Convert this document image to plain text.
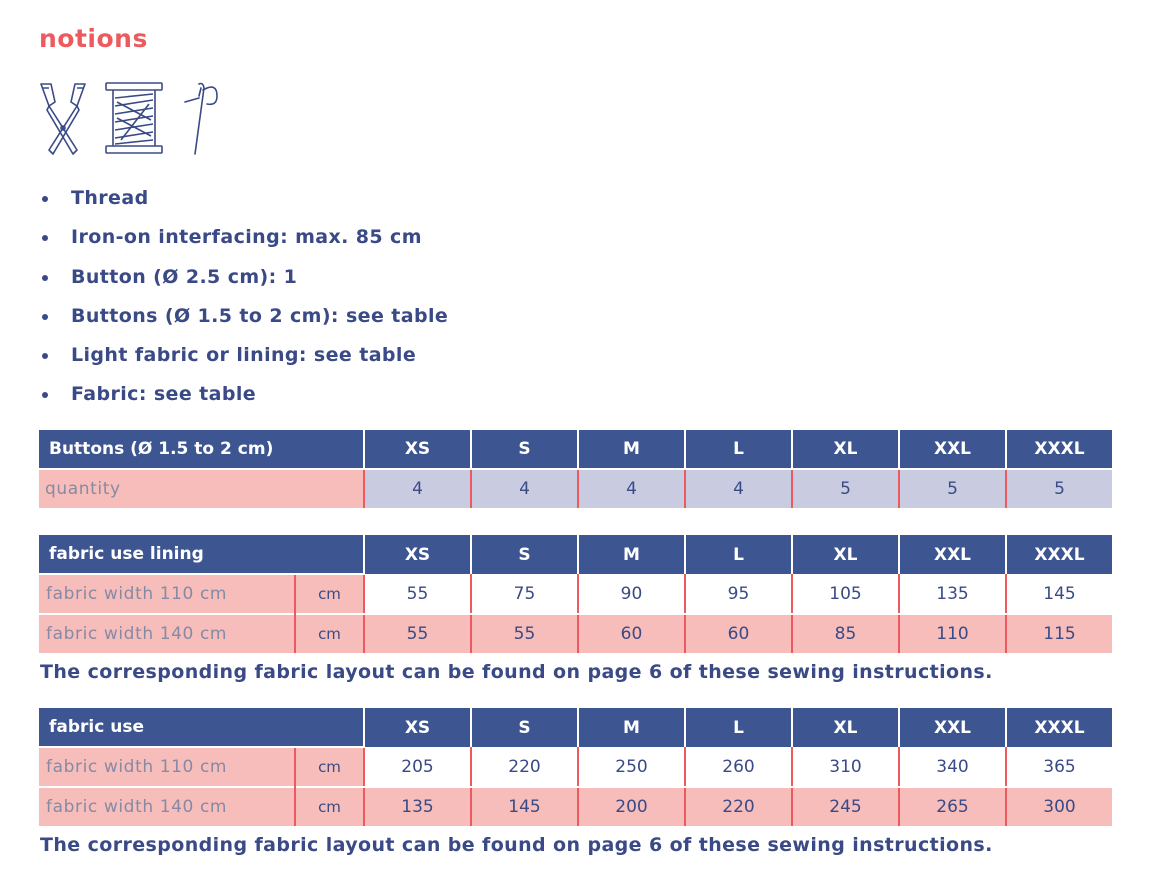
notions
Thread
Iron-on interfacing: max. 85 cm
Button (Ø 2.5 cm): 1
Buttons (Ø 1.5 to 2 cm): see table
Light fabric or lining: see table
Fabric: see table
Buttons (Ø 1.5 to 2 cm)	XS	S	M	L	XL	XXL	XXXL
quantity	4	4	4	4	5	5	5
fabric use lining		XS	S	M	L	XL	XXL	XXXL
fabric width 110 cm	cm	55	75	90	95	105	135	145
fabric width 140 cm	cm	55	55	60	60	85	110	115
The corresponding fabric layout can be found on page 6 of these sewing instructions.
fabric use		XS	S	M	L	XL	XXL	XXXL
fabric width 110 cm	cm	205	220	250	260	310	340	365
fabric width 140 cm	cm	135	145	200	220	245	265	300
The corresponding fabric layout can be found on page 6 of these sewing instructions.
